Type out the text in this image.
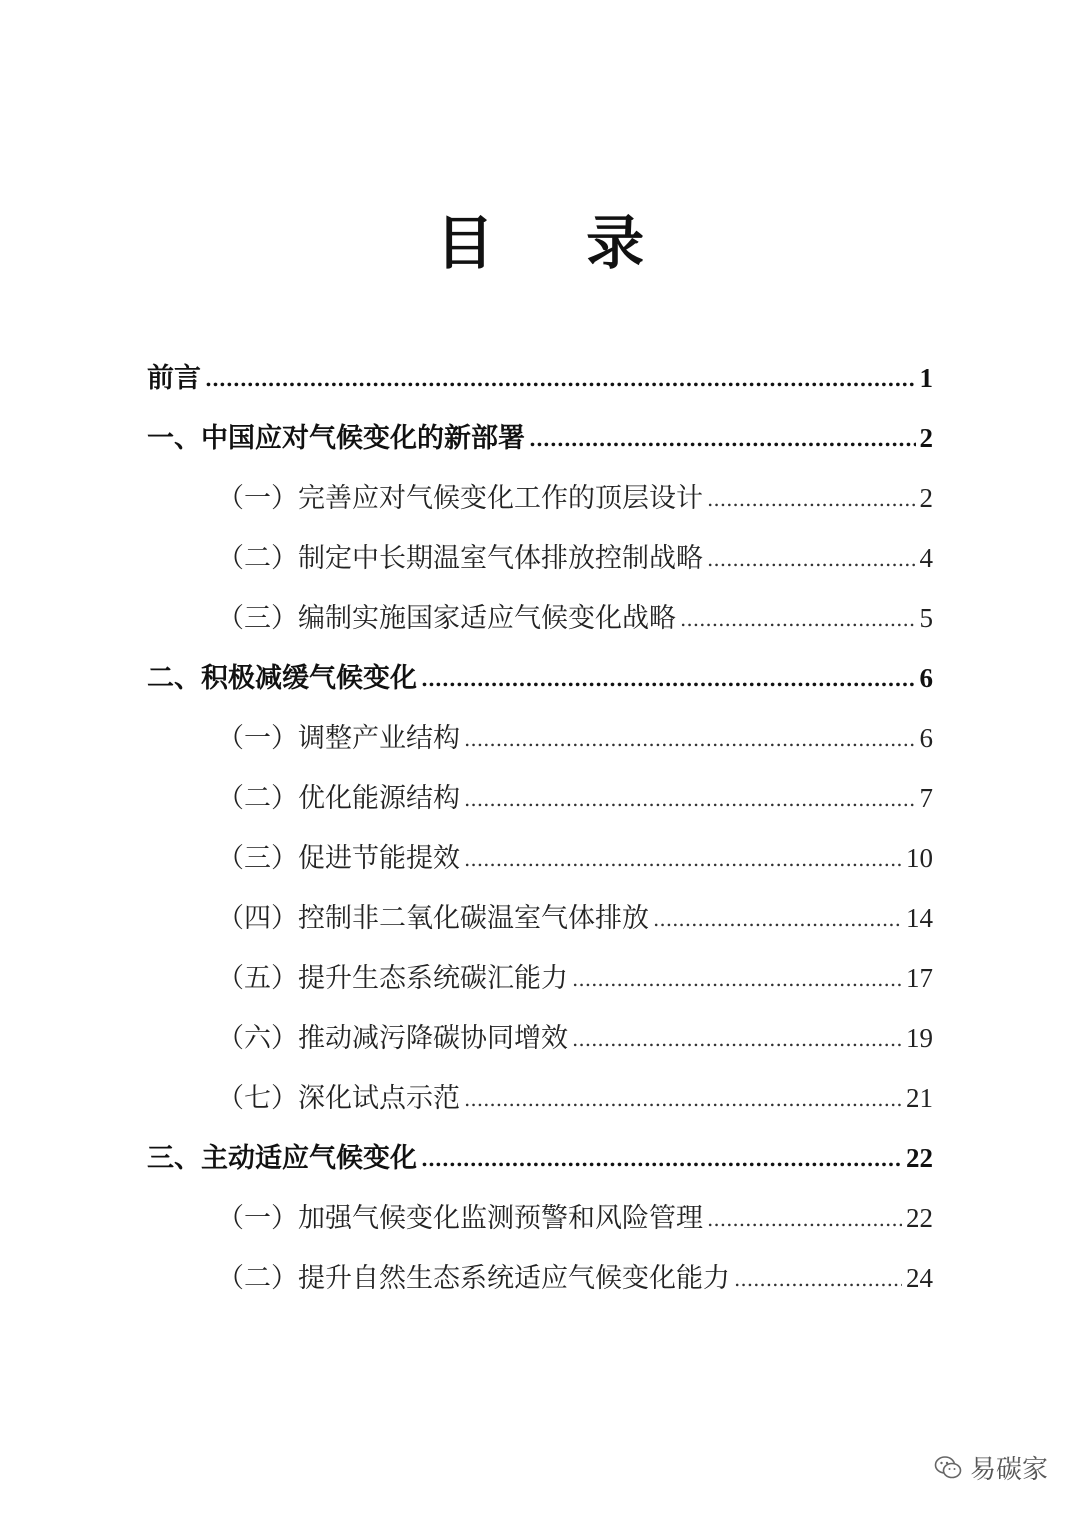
目 录
前言 .....	1
一、中国应对气候变化的新部署 .....	2
（一）完善应对气候变化工作的顶层设计 .....	2
（二）制定中长期温室气体排放控制战略 .....	4
（三）编制实施国家适应气候变化战略 .....	5
二、积极减缓气候变化 .....	6
（一）调整产业结构 .....	6
（二）优化能源结构 .....	7
（三）促进节能提效 .....	10
（四）控制非二氧化碳温室气体排放 .....	14
（五）提升生态系统碳汇能力 .....	17
（六）推动减污降碳协同增效 .....	19
（七）深化试点示范 .....	21
三、主动适应气候变化 .....	22
（一）加强气候变化监测预警和风险管理 .....	22
（二）提升自然生态系统适应气候变化能力 .....	24
易碳家
